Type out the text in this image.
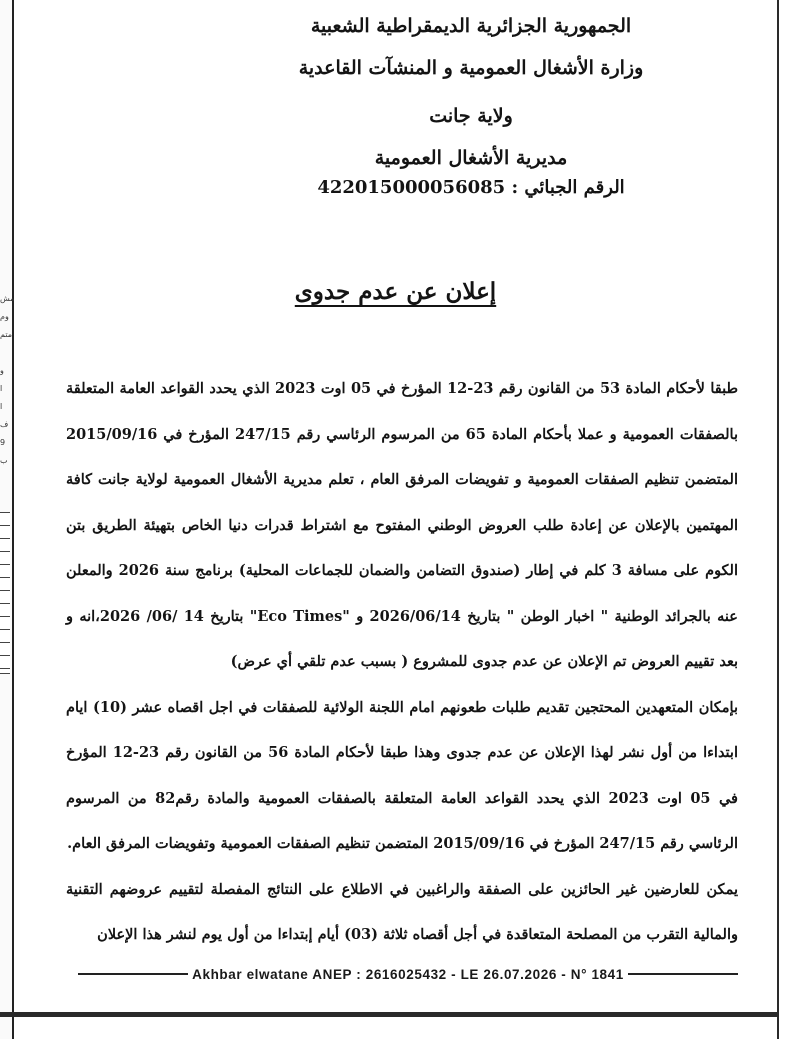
مش
وم
متم

و
ا
ا
ف
9
ب

الجمهورية الجزائرية الديمقراطية الشعبية

وزارة الأشغال العمومية و المنشآت القاعدية

ولاية جانت

مديرية الأشغال العمومية

الرقم الجبائي : 422015000056085

إعلان عن عدم جدوى

طبقا لأحكام المادة 53 من القانون رقم 23-12 المؤرخ في 05 اوت 2023 الذي يحدد القواعد العامة المتعلقة بالصفقات العمومية و عملا بأحكام المادة 65 من المرسوم الرئاسي رقم 247/15 المؤرخ في 2015/09/16 المتضمن تنظيم الصفقات العمومية و تفويضات المرفق العام ، تعلم مديرية الأشغال العمومية لولاية جانت كافة المهتمين بالإعلان عن إعادة طلب العروض الوطني المفتوح مع اشتراط قدرات دنيا الخاص بتهيئة الطريق بتن الكوم على مسافة 3 كلم في إطار (صندوق التضامن والضمان للجماعات المحلية) برنامج سنة 2026 والمعلن عنه بالجرائد الوطنية " اخبار الوطن " بتاريخ 2026/06/14 و "Eco Times" بتاريخ 14 /06/ 2026،انه و بعد تقييم العروض تم الإعلان عن عدم جدوى للمشروع ( بسبب عدم تلقي أي عرض)

بإمكان المتعهدين المحتجين تقديم طلبات طعونهم امام اللجنة الولائية للصفقات في اجل اقصاه عشر (10) ايام ابتداءا من أول نشر لهذا الإعلان عن عدم جدوى وهذا طبقا لأحكام المادة 56 من القانون رقم 23-12 المؤرخ في 05 اوت 2023 الذي يحدد القواعد العامة المتعلقة بالصفقات العمومية والمادة رقم82 من المرسوم الرئاسي رقم 247/15 المؤرخ في 2015/09/16 المتضمن تنظيم الصفقات العمومية وتفويضات المرفق العام.

يمكن للعارضين غير الحائزين على الصفقة والراغبين في الاطلاع على النتائج المفصلة لتقييم عروضهم التقنية والمالية التقرب من المصلحة المتعاقدة في أجل أقصاه ثلاثة (03) أيام إبتداءا من أول يوم لنشر هذا الإعلان

Akhbar elwatane ANEP : 2616025432 - LE 26.07.2026 - N° 1841
